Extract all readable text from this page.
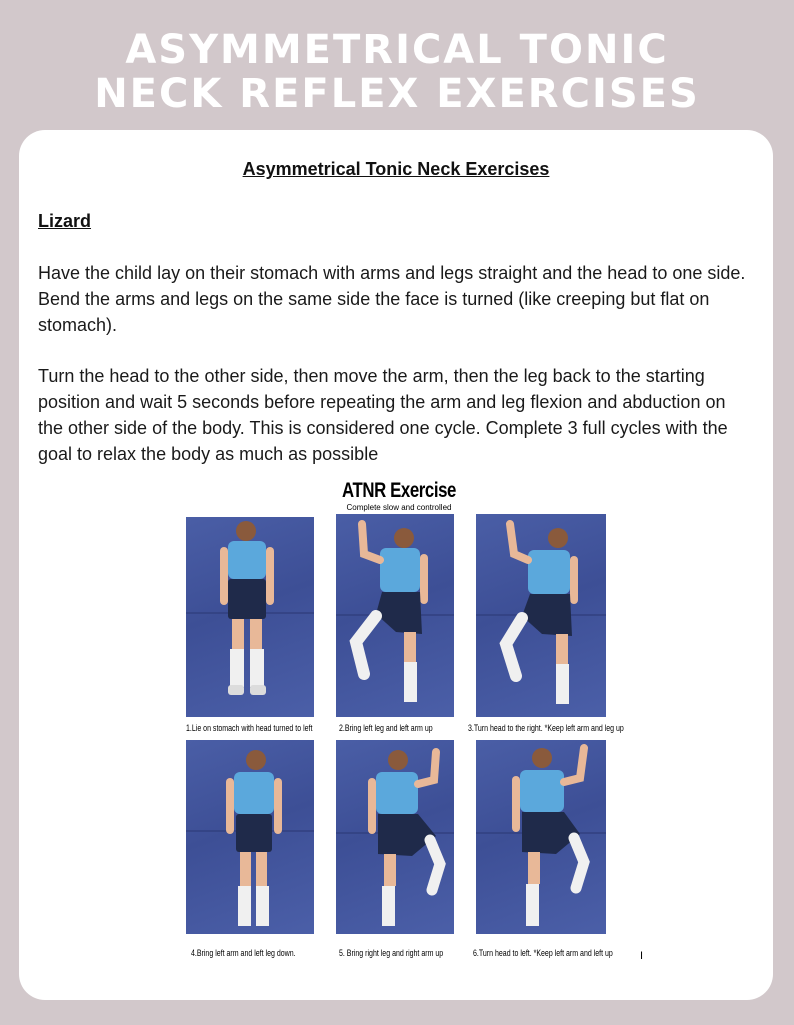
ASYMMETRICAL TONIC
NECK REFLEX EXERCISES
Asymmetrical Tonic Neck Exercises
Lizard

Have the child lay on their stomach with arms and legs straight and the head to one side. Bend the arms and legs on the same side the face is turned (like creeping but flat on stomach).

Turn the head to the other side, then move the arm, then the leg back to the starting position and wait 5 seconds before repeating the arm and leg flexion and abduction on the other side of the body. This is considered one cycle. Complete 3 full cycles with the goal to relax the body as much as possible

ATNR Exercise
Complete slow and controlled
1.Lie on stomach with head turned to left	2.Bring left leg and left arm up	3.Turn head to the right. *Keep left arm and leg up
4.Bring left arm and left leg down.	5. Bring right leg and right arm up	6.Turn head to left. *Keep left arm and left up I
